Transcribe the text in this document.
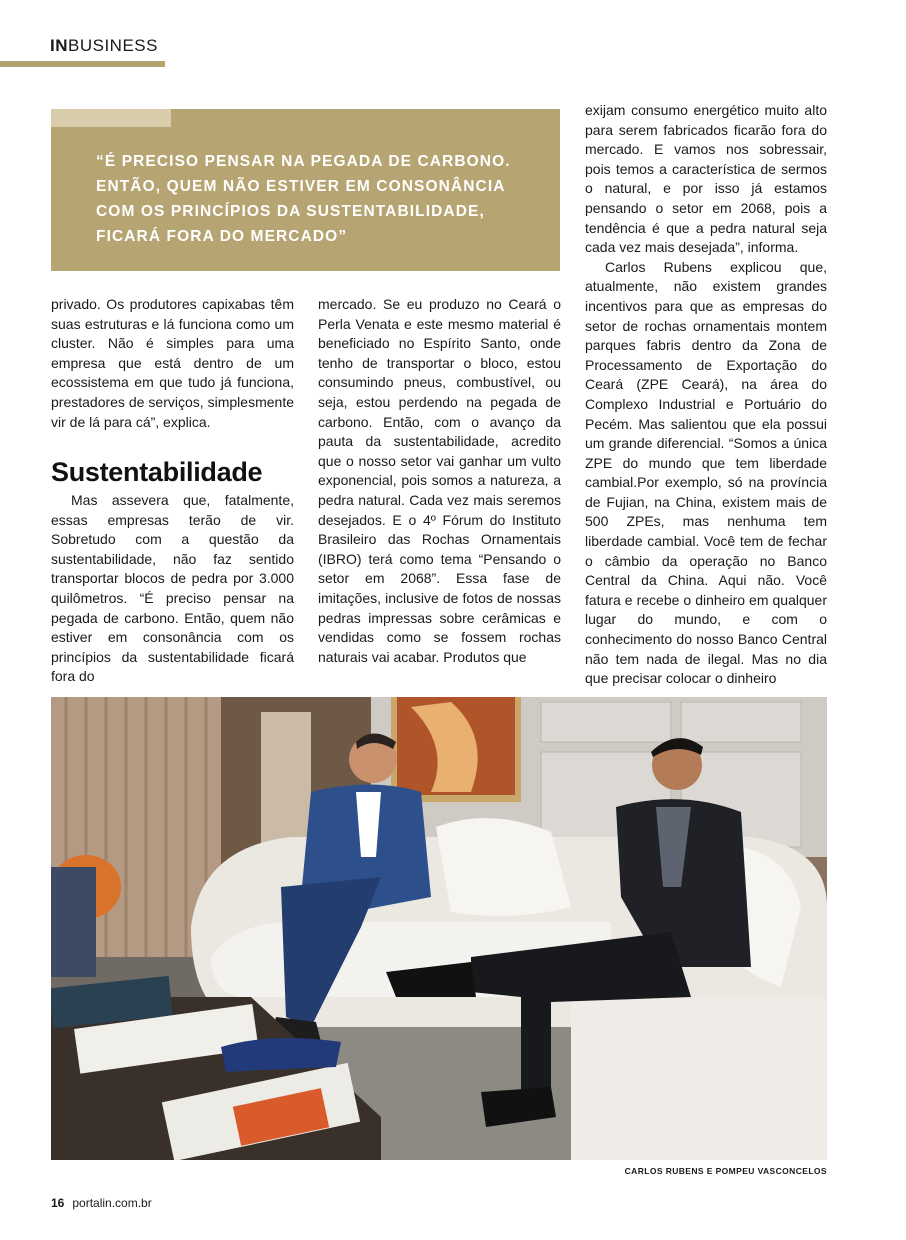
INBUSINESS
“É PRECISO PENSAR NA PEGADA DE CARBONO. ENTÃO, QUEM NÃO ESTIVER EM CONSONÂNCIA COM OS PRINCÍPIOS DA SUSTENTABILIDADE, FICARÁ FORA DO MERCADO”

privado. Os produtores capixabas têm suas estruturas e lá funciona como um cluster. Não é simples para uma empresa que está dentro de um ecossistema em que tudo já funciona, prestadores de serviços, simplesmente vir de lá para cá”, explica.

Sustentabilidade

Mas assevera que, fatalmente, essas empresas terão de vir. Sobretudo com a questão da sustentabilidade, não faz sentido transportar blocos de pedra por 3.000 quilômetros. “É preciso pensar na pegada de carbono. Então, quem não estiver em consonância com os princípios da sustentabilidade ficará fora do

mercado. Se eu produzo no Ceará o Perla Venata e este mesmo material é beneficiado no Espírito Santo, onde tenho de transportar o bloco, estou consumindo pneus, combustível, ou seja, estou perdendo na pegada de carbono. Então, com o avanço da pauta da sustentabilidade, acredito que o nosso setor vai ganhar um vulto exponencial, pois somos a natureza, a pedra natural. Cada vez mais seremos desejados. E o 4º Fórum do Instituto Brasileiro das Rochas Ornamentais (IBRO) terá como tema “Pensando o setor em 2068”. Essa fase de imitações, inclusive de fotos de nossas pedras impressas sobre cerâmicas e vendidas como se fossem rochas naturais vai acabar. Produtos que

exijam consumo energético muito alto para serem fabricados ficarão fora do mercado. E vamos nos sobressair, pois temos a característica de sermos o natural, e por isso já estamos pensando o setor em 2068, pois a tendência é que a pedra natural seja cada vez mais desejada”, informa.

Carlos Rubens explicou que, atualmente, não existem grandes incentivos para que as empresas do setor de rochas ornamentais montem parques fabris dentro da Zona de Processamento de Exportação do Ceará (ZPE Ceará), na área do Complexo Industrial e Portuário do Pecém. Mas salientou que ela possui um grande diferencial. “Somos a única ZPE do mundo que tem liberdade cambial.Por exemplo, só na província de Fujian, na China, existem mais de 500 ZPEs, mas nenhuma tem liberdade cambial. Você tem de fechar o câmbio da operação no Banco Central da China. Aqui não. Você fatura e recebe o dinheiro em qualquer lugar do mundo, e com o conhecimento do nosso Banco Central não tem nada de ilegal. Mas no dia que precisar colocar o dinheiro

CARLOS RUBENS E POMPEU VASCONCELOS
16 portalin.com.br
